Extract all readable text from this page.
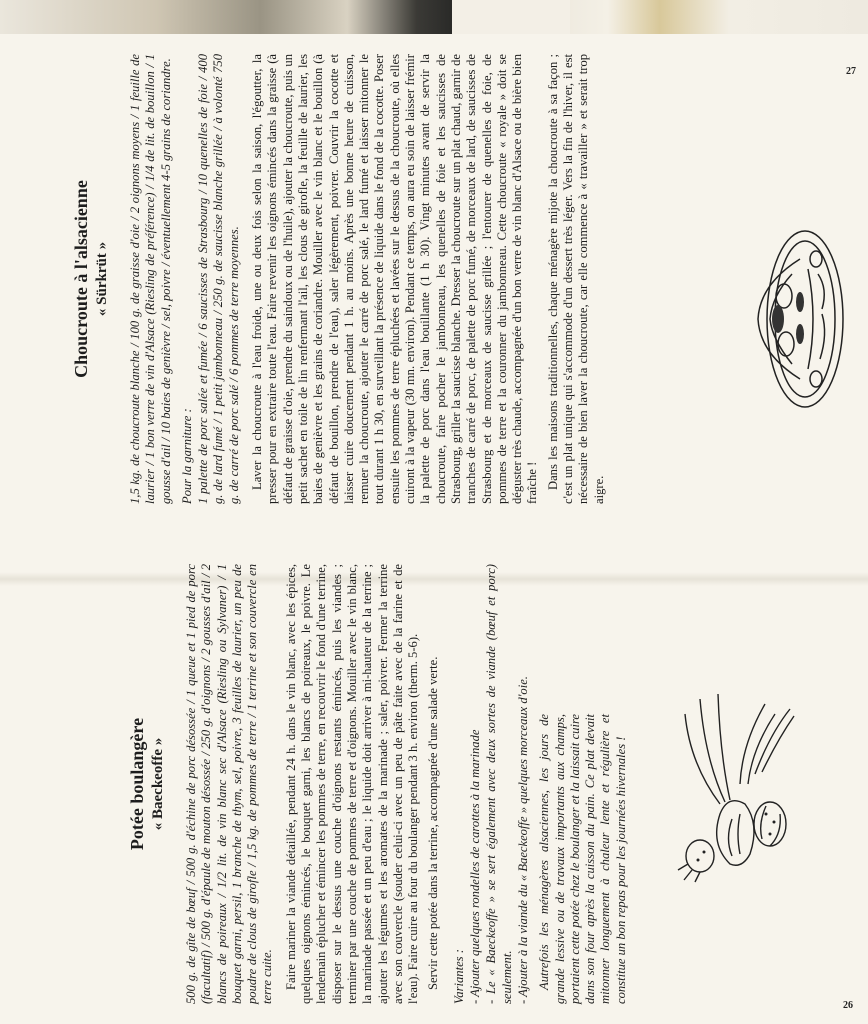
27
26
Potée boulangère « Baeckeoffe » 500 g. de gîte de bœuf / 500 g. d'échine de porc désossée / 1 queue et 1 pied de porc (facultatif) / 500 g. d'épaule de mouton désossée / 250 g. d'oignons / 2 gousses d'ail / 2 blancs de poireaux / 1/2 lit. de vin blanc sec d'Alsace (Riesling ou Sylvaner) / 1 bouquet garni, persil, 1 branche de thym, sel, poivre, 3 feuilles de laurier, un peu de poudre de clous de girofle / 1,5 kg. de pommes de terre / 1 terrine et son couvercle en terre cuite. Faire mariner la viande détaillée, pendant 24 h. dans le vin blanc, avec les épices, quelques oignons émincés, le bouquet garni, les blancs de poireaux, le poivre. Le lendemain éplucher et émincer les pommes de terre, en recouvrir le fond d'une terrine, disposer sur le dessus une couche d'oignons restants émincés, puis les viandes ; terminer par une couche de pommes de terre et d'oignons. Mouiller avec le vin blanc, la marinade passée et un peu d'eau ; le liquide doit arriver à mi-hauteur de la terrine ; ajouter les légumes et les aromates de la marinade ; saler, poivrer. Fermer la terrine avec son couvercle (souder celui-ci avec un peu de pâte faite avec de la farine et de l'eau). Faire cuire au four du boulanger pendant 3 h. environ (therm. 5-6). Servir cette potée dans la terrine, accompagnée d'une salade verte. Variantes : - Ajouter quelques rondelles de carottes à la marinade - Le « Baeckeoffe » se sert également avec deux sortes de viande (bœuf et porc) seulement. - Ajouter à la viande du « Baeckeoffe » quelques morceaux d'oie. Autrefois les ménagères alsaciennes, les jours de grande lessive ou de travaux importants aux champs, portaient cette potée chez le boulanger et la laissait cuire dans son four après la cuisson du pain. Ce plat devait mitonner longuement à chaleur lente et régulière et constitue un bon repas pour les journées hivernales !

Choucroute à l'alsacienne « Sürkrüt » 1,5 kg. de choucroute blanche / 100 g. de graisse d'oie / 2 oignons moyens / 1 feuille de laurier / 1 bon verre de vin d'Alsace (Riesling de préférence) / 1/4 de lit. de bouillon / 1 gousse d'ail / 10 baies de genièvre / sel, poivre / éventuellement 4-5 grains de coriandre. Pour la garniture : 1 palette de porc salée et fumée / 6 saucisses de Strasbourg / 10 quenelles de foie / 400 g. de lard fumé / 1 petit jambonneau / 250 g. de saucisse blanche grillée / à volonté 750 g. de carré de porc salé / 6 pommes de terre moyennes. Laver la choucroute à l'eau froide, une ou deux fois selon la saison, l'égoutter, la presser pour en extraire toute l'eau. Faire revenir les oignons émincés dans la graisse (à défaut de graisse d'oie, prendre du saindoux ou de l'huile), ajouter la choucroute, puis un petit sachet en toile de lin renfermant l'ail, les clous de girofle, la feuille de laurier, les baies de genièvre et les grains de coriandre. Mouiller avec le vin blanc et le bouillon (à défaut de bouillon, prendre de l'eau), saler légèrement, poivrer. Couvrir la cocotte et laisser cuire doucement pendant 1 h. au moins. Après une bonne heure de cuisson, remuer la choucroute, ajouter le carré de porc salé, le lard fumé et laisser mitonner le tout durant 1 h 30, en surveillant la présence de liquide dans le fond de la cocotte. Poser ensuite les pommes de terre épluchées et lavées sur le dessus de la choucroute, où elles cuiront à la vapeur (30 mn. environ). Pendant ce temps, on aura eu soin de laisser frémir la palette de porc dans l'eau bouillante (1 h 30). Vingt minutes avant de servir la choucroute, faire pocher le jambonneau, les quenelles de foie et les saucisses de Strasbourg, griller la saucisse blanche. Dresser la choucroute sur un plat chaud, garnir de tranches de carré de porc, de palette de porc fumé, de morceaux de lard, de saucisses de Strasbourg et de morceaux de saucisse grillée ; l'entourer de quenelles de foie, de pommes de terre et la couronner du jambonneau. Cette choucroute « royale » doit se déguster très chaude, accompagnée d'un bon verre de vin blanc d'Alsace ou de bière bien fraîche ! Dans les maisons traditionnelles, chaque ménagère mijote la choucroute à sa façon ; c'est un plat unique qui s'accommode d'un dessert très léger. Vers la fin de l'hiver, il est nécessaire de bien laver la choucroute, car elle commence à « travailler » et serait trop aigre.
